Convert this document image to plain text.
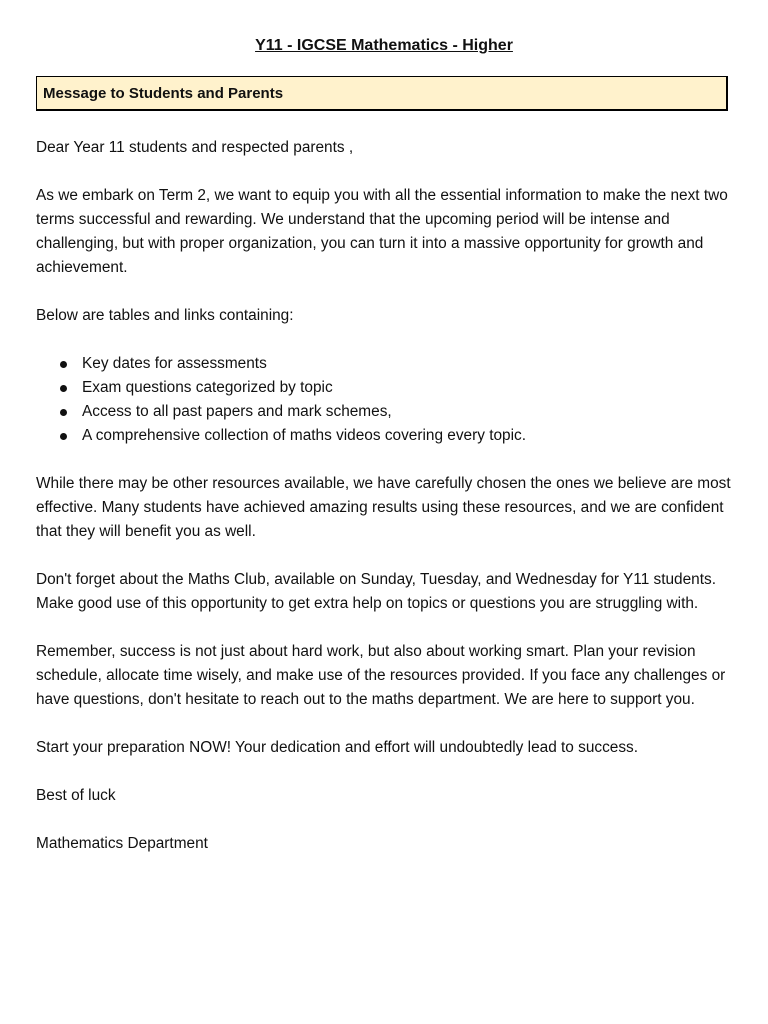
Y11 - IGCSE Mathematics - Higher
Message to Students and Parents

Dear Year 11 students and respected parents ,

As we embark on Term 2, we want to equip you with all the essential information to make the next two terms successful and rewarding. We understand that the upcoming period will be intense and challenging, but with proper organization, you can turn it into a massive opportunity for growth and achievement.

Below are tables and links containing:

Key dates for assessments
Exam questions categorized by topic
Access to all past papers and mark schemes,
A comprehensive collection of maths videos covering every topic.

While there may be other resources available, we have carefully chosen the ones we believe are most effective. Many students have achieved amazing results using these resources, and we are confident that they will benefit you as well.

Don't forget about the Maths Club, available on Sunday, Tuesday, and Wednesday for Y11 students. Make good use of this opportunity to get extra help on topics or questions you are struggling with.

Remember, success is not just about hard work, but also about working smart. Plan your revision schedule, allocate time wisely, and make use of the resources provided. If you face any challenges or have questions, don't hesitate to reach out to the maths department. We are here to support you.

Start your preparation NOW! Your dedication and effort will undoubtedly lead to success.

Best of luck

Mathematics Department
